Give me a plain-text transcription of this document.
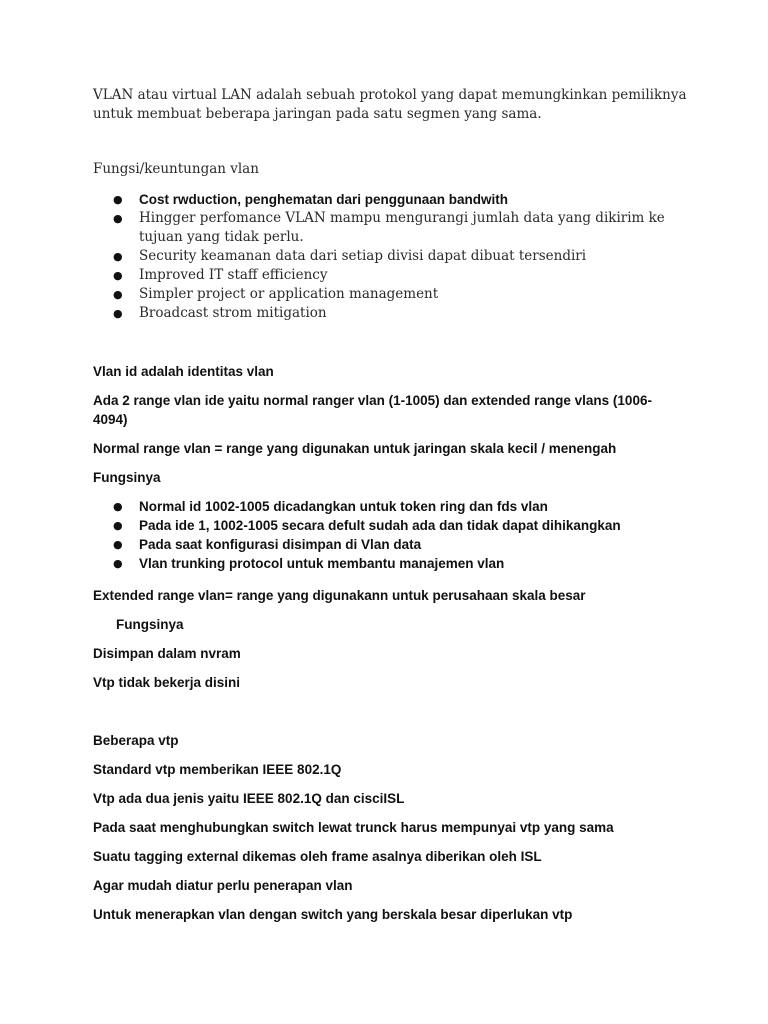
VLAN atau virtual LAN adalah sebuah protokol yang dapat memungkinkan pemiliknya untuk membuat beberapa jaringan pada satu segmen yang sama.

Fungsi/keuntungan vlan

● Cost rwduction, penghematan dari penggunaan bandwith
● Hingger perfomance VLAN mampu mengurangi jumlah data yang dikirim ke tujuan yang tidak perlu.
● Security keamanan data dari setiap divisi dapat dibuat tersendiri
● Improved IT staff efficiency
● Simpler project or application management
● Broadcast strom mitigation

Vlan id adalah identitas vlan

Ada 2 range vlan ide yaitu normal ranger vlan (1-1005) dan extended range vlans (1006-4094)

Normal range vlan = range yang digunakan untuk jaringan skala kecil / menengah

Fungsinya

● Normal id 1002-1005 dicadangkan untuk token ring dan fds vlan
● Pada ide 1, 1002-1005 secara defult sudah ada dan tidak dapat dihikangkan
● Pada saat konfigurasi disimpan di Vlan data
● Vlan trunking protocol untuk membantu manajemen vlan

Extended range vlan= range yang digunakann untuk perusahaan skala besar

Fungsinya

Disimpan dalam nvram

Vtp tidak bekerja disini

Beberapa vtp

Standard vtp memberikan IEEE 802.1Q

Vtp ada dua jenis yaitu IEEE 802.1Q dan cisciISL

Pada saat menghubungkan switch lewat trunck harus mempunyai vtp yang sama

Suatu tagging external dikemas oleh frame asalnya diberikan oleh ISL

Agar mudah diatur perlu penerapan vlan

Untuk menerapkan vlan dengan switch yang berskala besar diperlukan vtp
